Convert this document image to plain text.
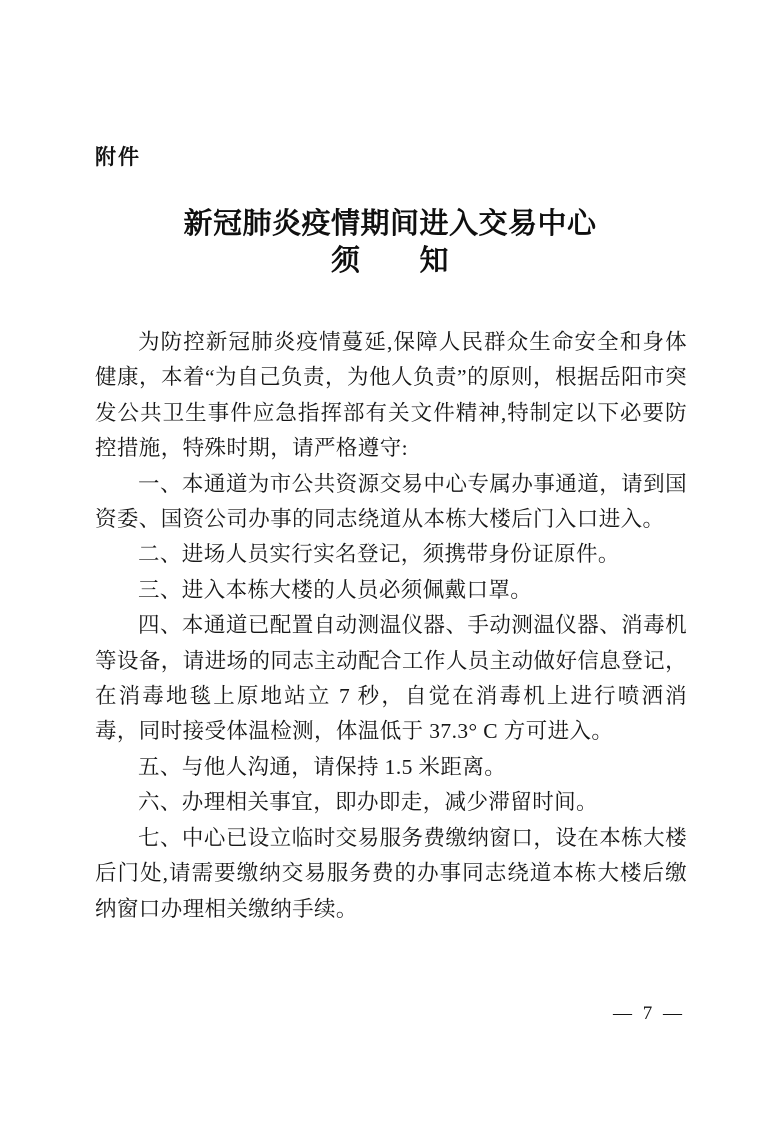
附件
新冠肺炎疫情期间进入交易中心
须　　知

为防控新冠肺炎疫情蔓延,保障人民群众生命安全和身体健康，本着“为自己负责，为他人负责”的原则，根据岳阳市突发公共卫生事件应急指挥部有关文件精神,特制定以下必要防控措施，特殊时期，请严格遵守:

一、本通道为市公共资源交易中心专属办事通道，请到国资委、国资公司办事的同志绕道从本栋大楼后门入口进入。

二、进场人员实行实名登记，须携带身份证原件。

三、进入本栋大楼的人员必须佩戴口罩。

四、本通道已配置自动测温仪器、手动测温仪器、消毒机等设备，请进场的同志主动配合工作人员主动做好信息登记，在消毒地毯上原地站立 7 秒，自觉在消毒机上进行喷洒消毒，同时接受体温检测，体温低于 37.3° C 方可进入。

五、与他人沟通，请保持 1.5 米距离。

六、办理相关事宜，即办即走，减少滞留时间。

七、中心已设立临时交易服务费缴纳窗口，设在本栋大楼后门处,请需要缴纳交易服务费的办事同志绕道本栋大楼后缴纳窗口办理相关缴纳手续。

— 7 —
